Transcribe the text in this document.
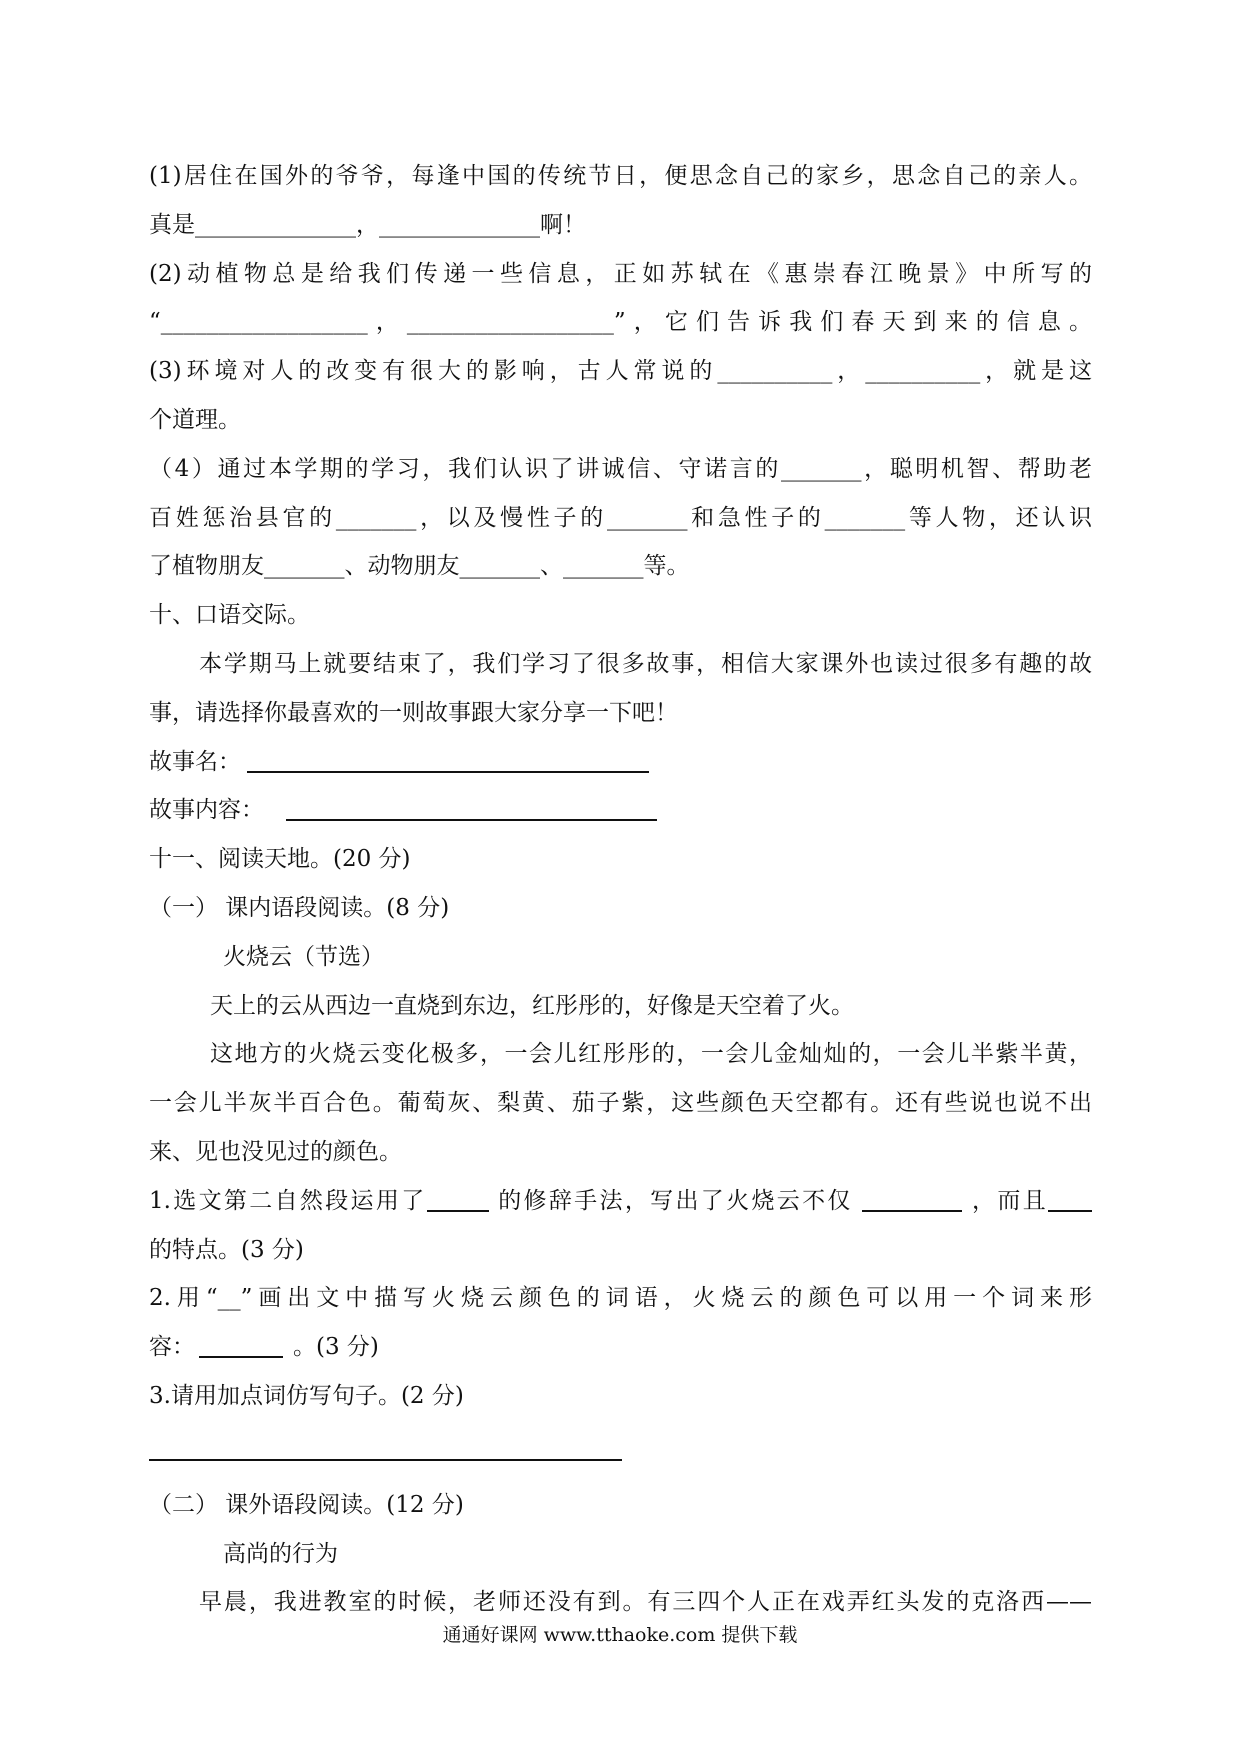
(1)居住在国外的爷爷，每逢中国的传统节日，便思念自己的家乡，思念自己的亲人。
真是______________，______________啊！
(2)动植物总是给我们传递一些信息，正如苏轼在《惠崇春江晚景》中所写的
“__________________，__________________”，它们告诉我们春天到来的信息。
(3)环境对人的改变有很大的影响，古人常说的__________，__________，就是这
个道理。
（4）通过本学期的学习，我们认识了讲诚信、守诺言的_______，聪明机智、帮助老
百姓惩治县官的_______，以及慢性子的_______和急性子的_______等人物，还认识
了植物朋友_______、动物朋友_______、_______等。
十、口语交际。
本学期马上就要结束了，我们学习了很多故事，相信大家课外也读过很多有趣的故
事，请选择你最喜欢的一则故事跟大家分享一下吧！
故事名：
故事内容：
十一、阅读天地。(20 分)
（一） 课内语段阅读。(8 分)
火烧云（节选）
天上的云从西边一直烧到东边，红彤彤的，好像是天空着了火。
这地方的火烧云变化极多，一会儿红彤彤的，一会儿金灿灿的，一会儿半紫半黄，
一会儿半灰半百合色。葡萄灰、梨黄、茄子紫，这些颜色天空都有。还有些说也说不出
来、见也没见过的颜色。
1.选文第二自然段运用了	的修辞手法，写出了火烧云不仅	，而且
的特点。(3 分)
2.用“__”画出文中描写火烧云颜色的词语，火烧云的颜色可以用一个词来形
容：	。(3 分)
3.请用加点词仿写句子。(2 分)
（二） 课外语段阅读。(12 分)
高尚的行为
早晨，我进教室的时候，老师还没有到。有三四个人正在戏弄红头发的克洛西——
通通好课网 www.tthaoke.com 提供下载
